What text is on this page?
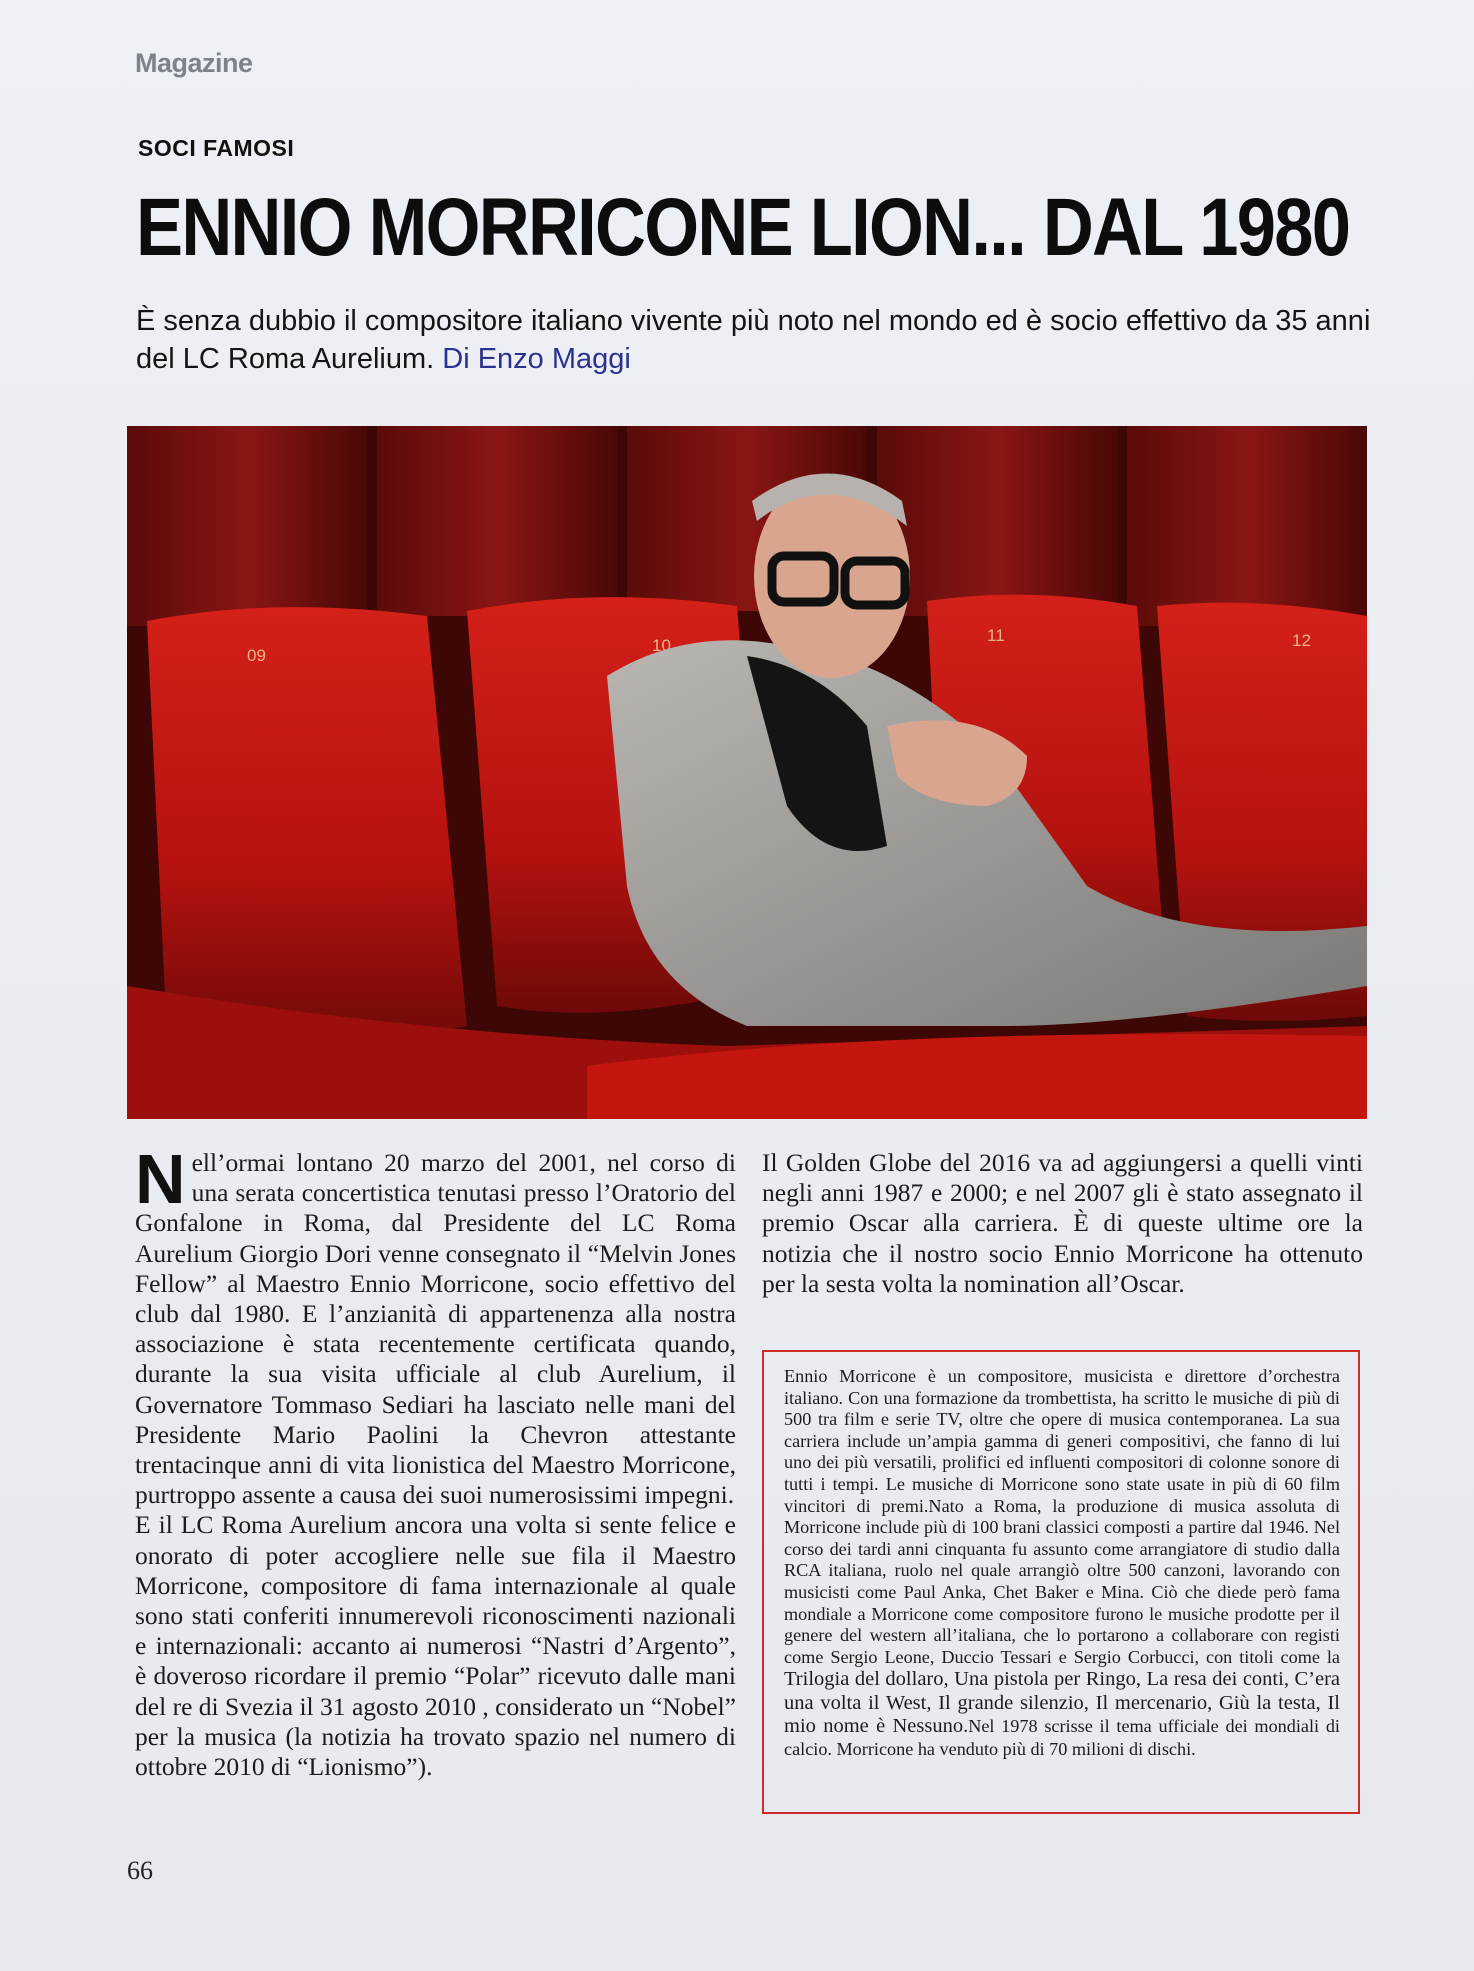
Magazine
SOCI FAMOSI
ENNIO MORRICONE LION... DAL 1980
È senza dubbio il compositore italiano vivente più noto nel mondo ed è socio effettivo da 35 anni del LC Roma Aurelium. Di Enzo Maggi
09
10
11	12

Nell’ormai lontano 20 marzo del 2001, nel corso di una serata concertistica tenutasi presso l’Oratorio del Gonfalone in Roma, dal Presidente del LC Roma Aurelium Giorgio Dori venne consegnato il “Melvin Jones Fellow” al Maestro Ennio Morricone, socio effettivo del club dal 1980. E l’anzianità di appartenenza alla nostra associazione è stata recentemente certificata quando, durante la sua visita ufficiale al club Aurelium, il Governatore Tommaso Sediari ha lasciato nelle mani del Presidente Mario Paolini la Chevron attestante trentacinque anni di vita lionistica del Maestro Morricone, purtroppo assente a causa dei suoi numerosissimi impegni.

E il LC Roma Aurelium ancora una volta si sente felice e onorato di poter accogliere nelle sue fila il Maestro Morricone, compositore di fama internazionale al quale sono stati conferiti innumerevoli riconoscimenti nazionali e internazionali: accanto ai numerosi “Nastri d’Argento”, è doveroso ricordare il premio “Polar” ricevuto dalle mani del re di Svezia il 31 agosto 2010 , considerato un “Nobel” per la musica (la notizia ha trovato spazio nel numero di ottobre 2010 di “Lionismo”).

Il Golden Globe del 2016 va ad aggiungersi a quelli vinti negli anni 1987 e 2000; e nel 2007 gli è stato assegnato il premio Oscar alla carriera. È di queste ultime ore la notizia che il nostro socio Ennio Morricone ha ottenuto per la sesta volta la nomination all’Oscar.

Ennio Morricone è un compositore, musicista e direttore d’orchestra italiano. Con una formazione da trombettista, ha scritto le musiche di più di 500 tra film e serie TV, oltre che opere di musica contemporanea. La sua carriera include un’ampia gamma di generi compositivi, che fanno di lui uno dei più versatili, prolifici ed influenti compositori di colonne sonore di tutti i tempi. Le musiche di Morricone sono state usate in più di 60 film vincitori di premi.Nato a Roma, la produzione di musica assoluta di Morricone include più di 100 brani classici composti a partire dal 1946. Nel corso dei tardi anni cinquanta fu assunto come arrangiatore di studio dalla RCA italiana, ruolo nel quale arrangiò oltre 500 canzoni, lavorando con musicisti come Paul Anka, Chet Baker e Mina. Ciò che diede però fama mondiale a Morricone come compositore furono le musiche prodotte per il genere del western all’italiana, che lo portarono a collaborare con registi come Sergio Leone, Duccio Tessari e Sergio Corbucci, con titoli come la Trilogia del dollaro, Una pistola per Ringo, La resa dei conti, C’era una volta il West, Il grande silenzio, Il mercenario, Giù la testa, Il mio nome è Nessuno.Nel 1978 scrisse il tema ufficiale dei mondiali di calcio. Morricone ha venduto più di 70 milioni di dischi.

66
